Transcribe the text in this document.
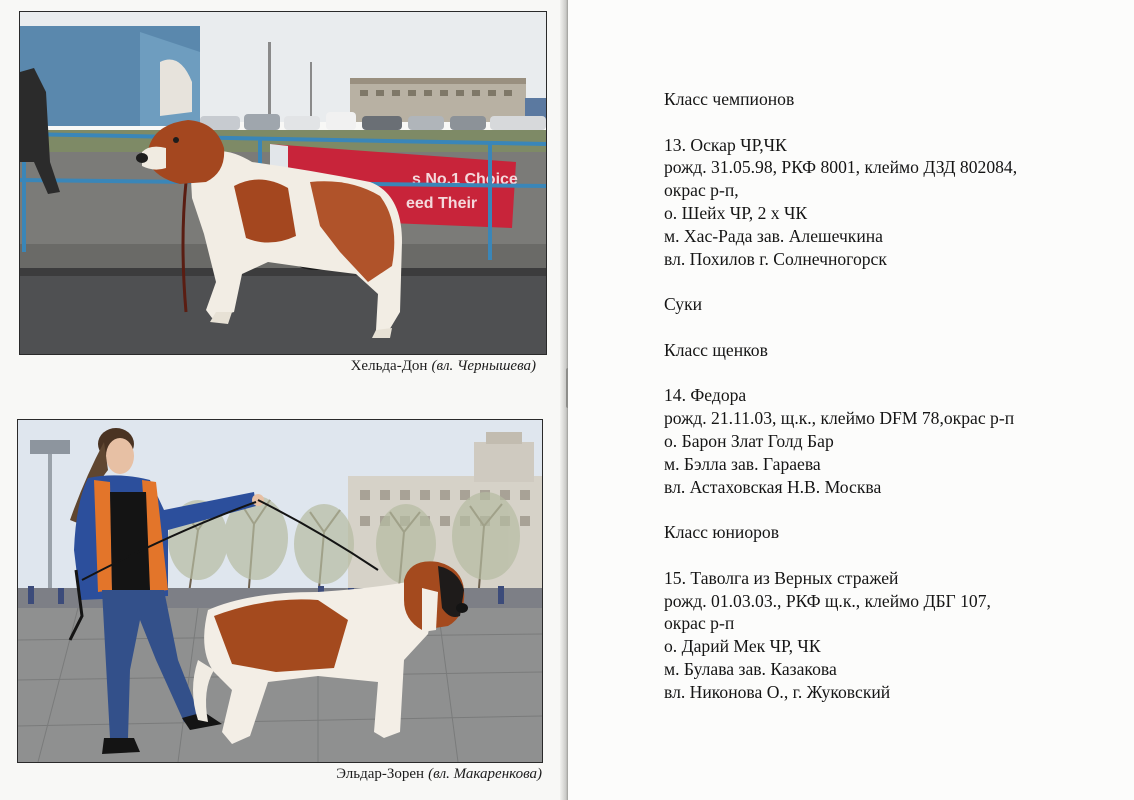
s No.1 Choice
eed Their
Хельда-Дон (вл. Чернышева)
Эльдар-Зорен (вл. Макаренкова)
Класс чемпионов
13. Оскар ЧР,ЧК
рожд. 31.05.98, РКФ 8001, клеймо ДЗД 802084,
окрас р-п,
о. Шейх ЧР, 2 х ЧК
м. Хас-Рада зав. Алешечкина
вл. Похилов г. Солнечногорск
Суки
Класс щенков
14. Федора
рожд. 21.11.03, щ.к., клеймо DFM 78,окрас р-п
о. Барон Злат Голд Бар
м. Бэлла зав. Гараева
вл. Астаховская Н.В. Москва
Класс юниоров
15. Таволга из Верных стражей
рожд. 01.03.03., РКФ щ.к., клеймо ДБГ 107,
окрас р-п
о. Дарий Мек ЧР, ЧК
м. Булава зав. Казакова
вл. Никонова О., г. Жуковский
